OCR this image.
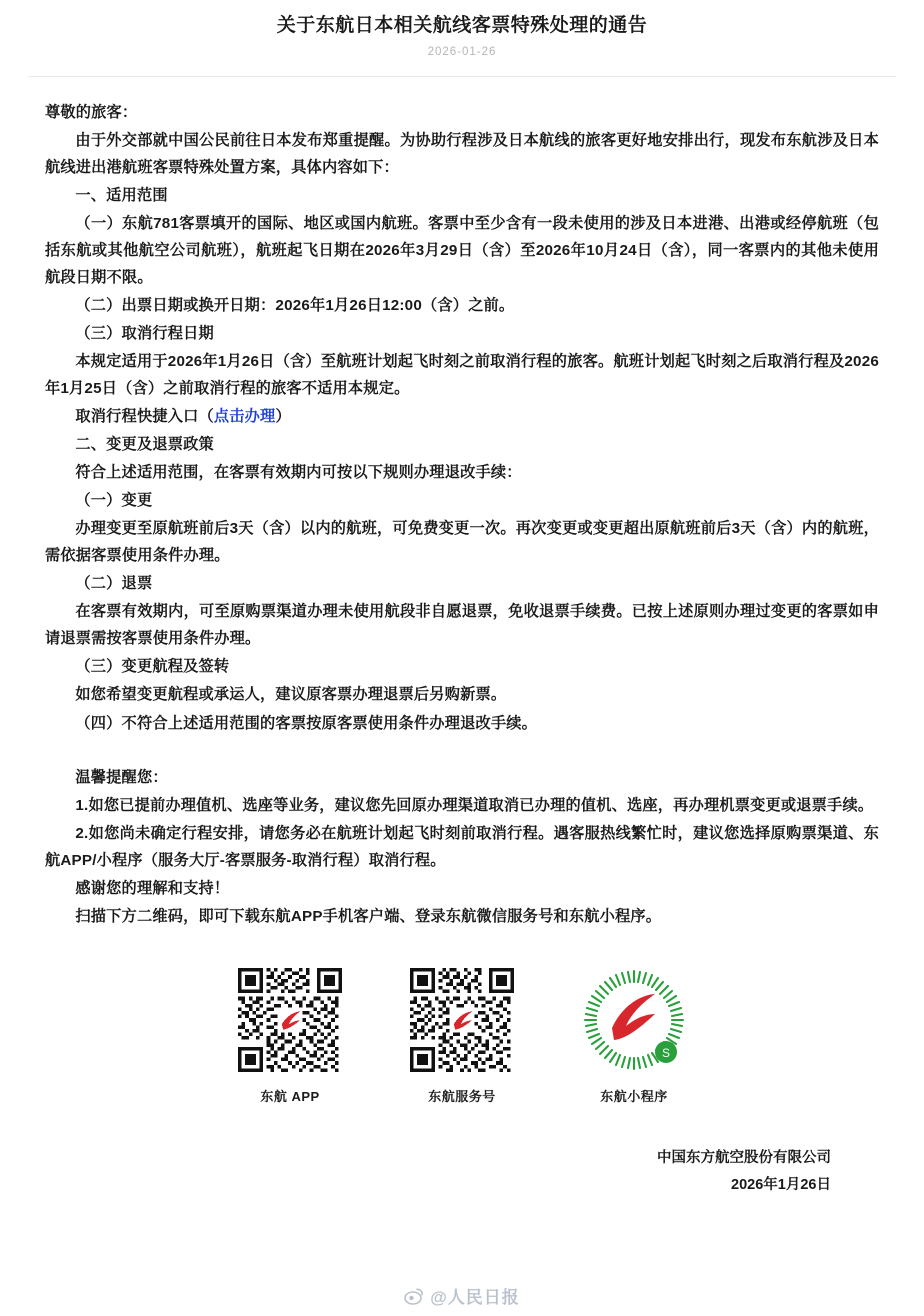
关于东航日本相关航线客票特殊处理的通告
2026-01-26

尊敬的旅客：

由于外交部就中国公民前往日本发布郑重提醒。为协助行程涉及日本航线的旅客更好地安排出行，现发布东航涉及日本航线进出港航班客票特殊处置方案，具体内容如下：

一、适用范围

（一）东航781客票填开的国际、地区或国内航班。客票中至少含有一段未使用的涉及日本进港、出港或经停航班（包括东航或其他航空公司航班），航班起飞日期在2026年3月29日（含）至2026年10月24日（含），同一客票内的其他未使用航段日期不限。

（二）出票日期或换开日期：2026年1月26日12:00（含）之前。

（三）取消行程日期

本规定适用于2026年1月26日（含）至航班计划起飞时刻之前取消行程的旅客。航班计划起飞时刻之后取消行程及2026年1月25日（含）之前取消行程的旅客不适用本规定。

取消行程快捷入口（点击办理）

二、变更及退票政策

符合上述适用范围，在客票有效期内可按以下规则办理退改手续：

（一）变更

办理变更至原航班前后3天（含）以内的航班，可免费变更一次。再次变更或变更超出原航班前后3天（含）内的航班，需依据客票使用条件办理。

（二）退票

在客票有效期内，可至原购票渠道办理未使用航段非自愿退票，免收退票手续费。已按上述原则办理过变更的客票如申请退票需按客票使用条件办理。

（三）变更航程及签转

如您希望变更航程或承运人，建议原客票办理退票后另购新票。

（四）不符合上述适用范围的客票按原客票使用条件办理退改手续。

温馨提醒您：

1.如您已提前办理值机、选座等业务，建议您先回原办理渠道取消已办理的值机、选座，再办理机票变更或退票手续。

2.如您尚未确定行程安排，请您务必在航班计划起飞时刻前取消行程。遇客服热线繁忙时，建议您选择原购票渠道、东航APP/小程序（服务大厅-客票服务-取消行程）取消行程。

感谢您的理解和支持！

扫描下方二维码，即可下载东航APP手机客户端、登录东航微信服务号和东航小程序。

东航 APP	东航服务号
S
东航小程序
中国东方航空股份有限公司
2026年1月26日
@人民日报
